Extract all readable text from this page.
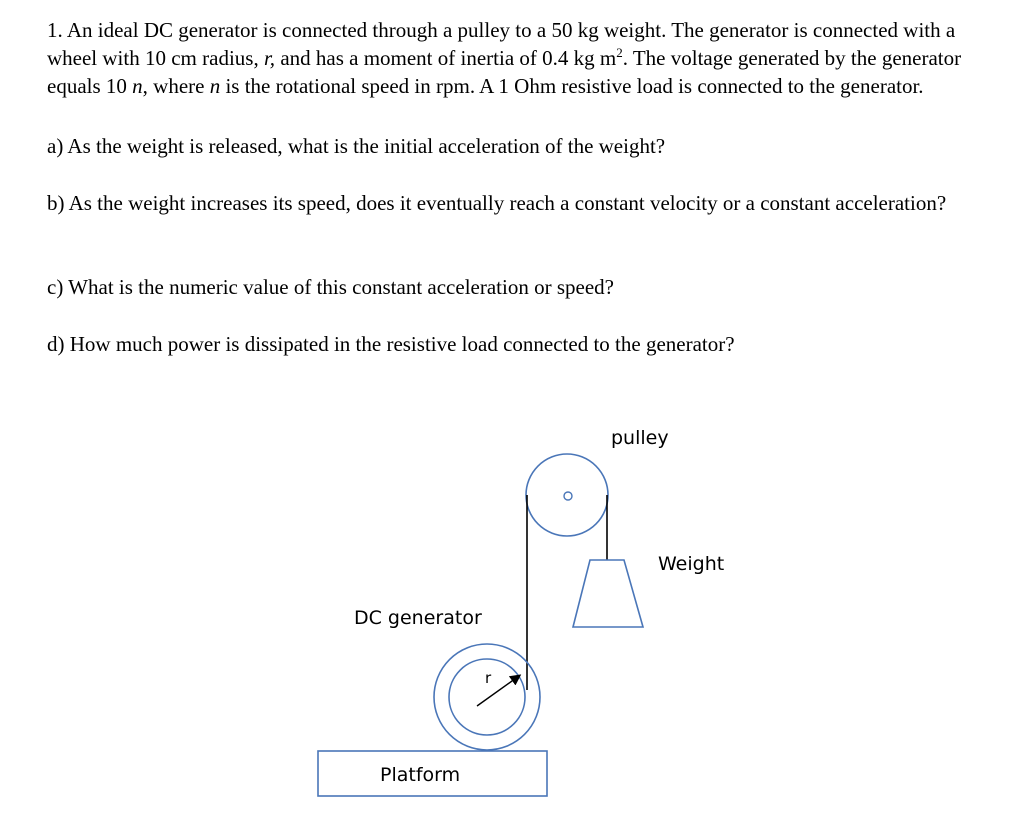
1. An ideal DC generator is connected through a pulley to a 50 kg weight. The generator is connected with a wheel with 10 cm radius, r, and has a moment of inertia of 0.4 kg $m^2$. The voltage generated by the generator equals 10 n, where n is the rotational speed in rpm. A 1 Ohm resistive load is connected to the generator.

a) As the weight is released, what is the initial acceleration of the weight?

b) As the weight increases its speed, does it eventually reach a constant velocity or a constant acceleration?

c) What is the numeric value of this constant acceleration or speed?

d) How much power is dissipated in the resistive load connected to the generator?

pulley
Weight
DC generator
r
Platform
